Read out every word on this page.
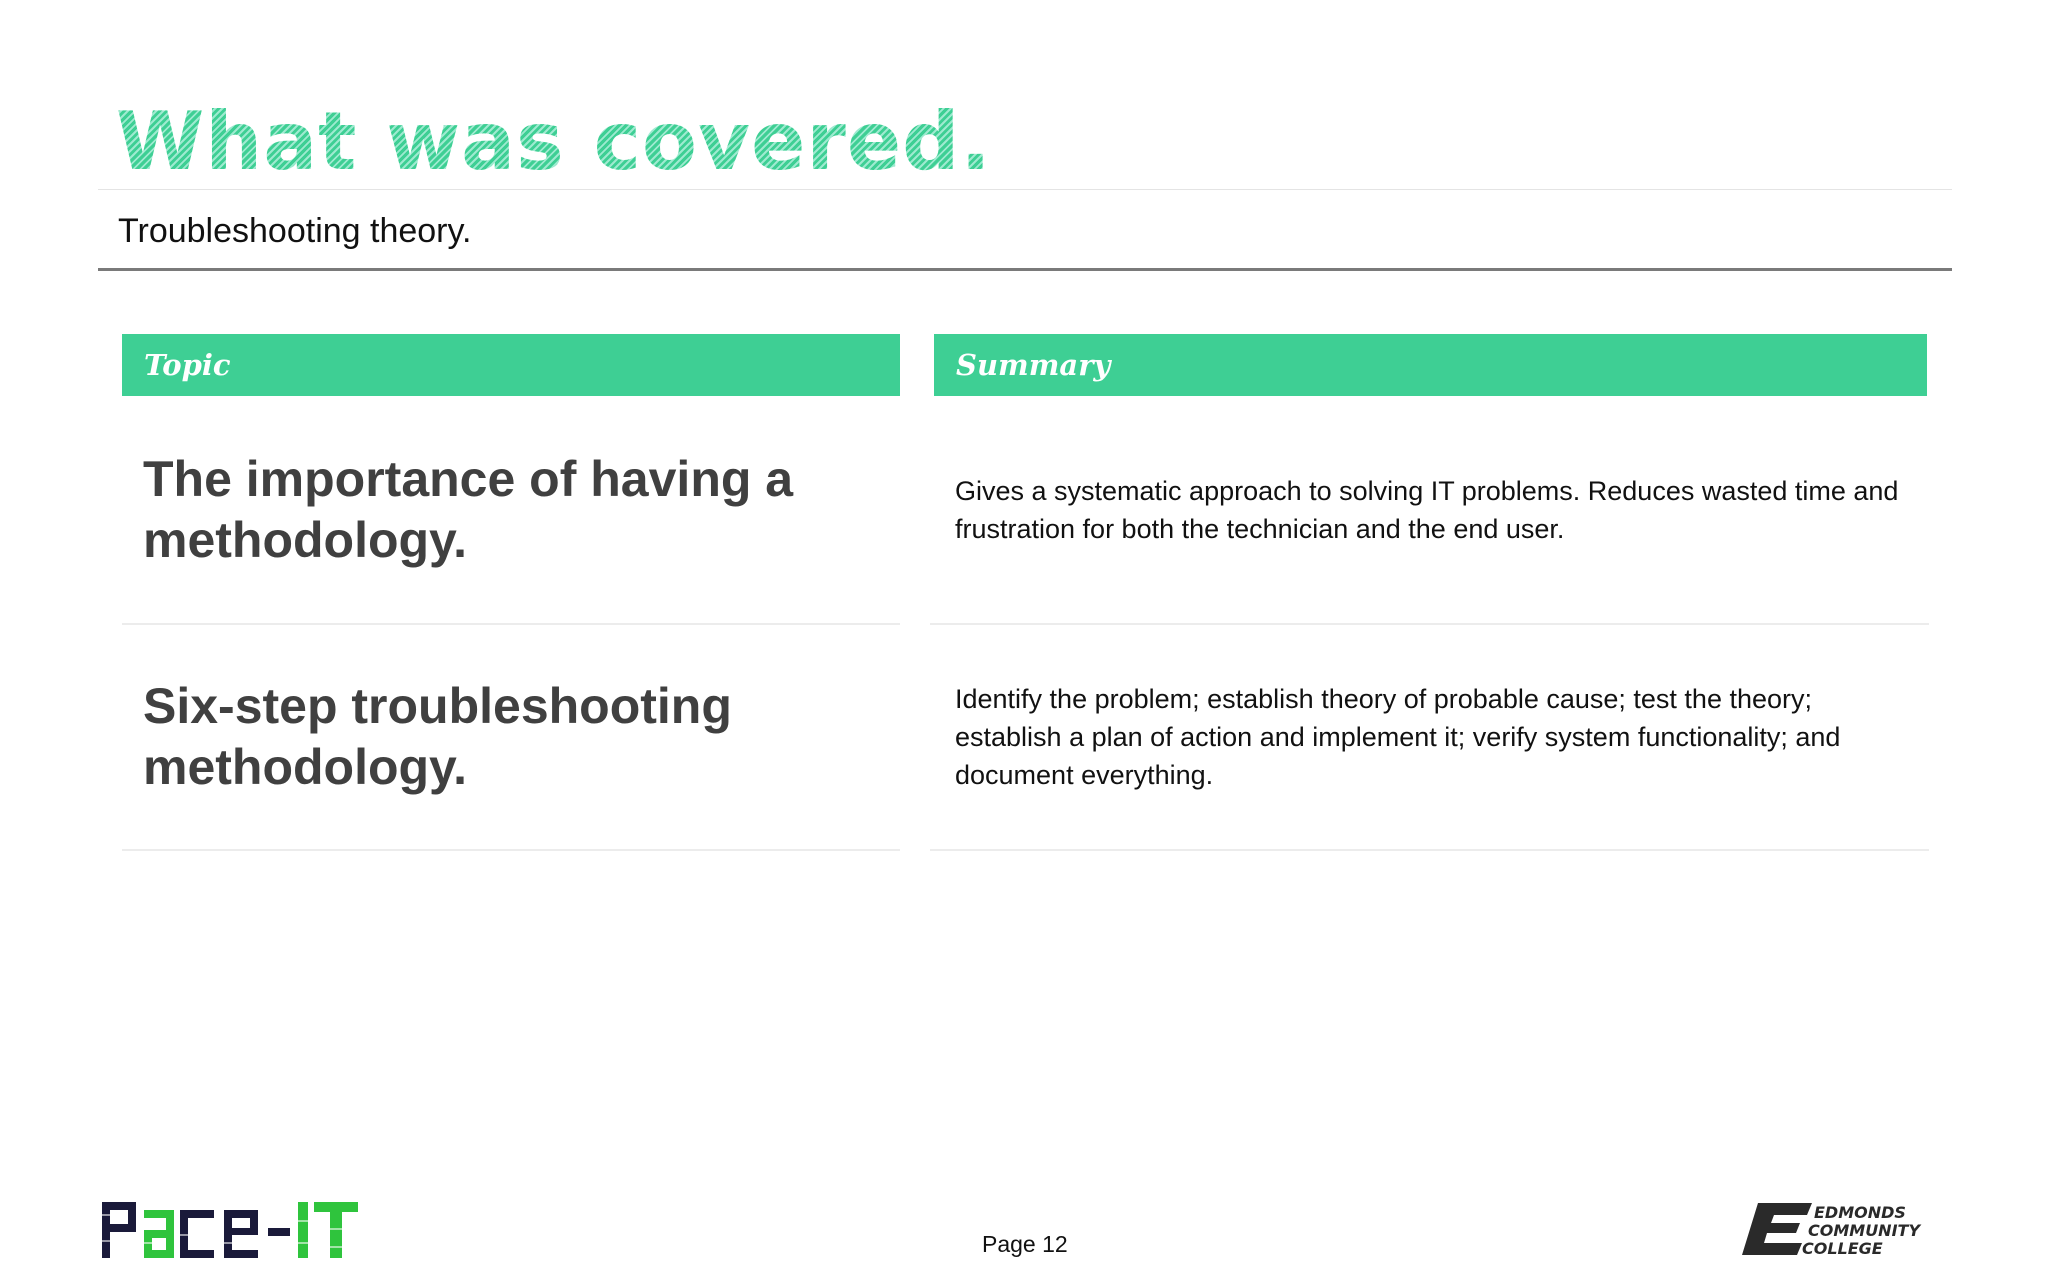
What was covered.
Troubleshooting theory.
Topic	Summary
The importance of having a methodology.
Gives a systematic approach to solving IT problems. Reduces wasted time and frustration for both the technician and the end user.
Six-step troubleshooting methodology.
Identify the problem; establish theory of probable cause; test the theory; establish a plan of action and implement it; verify system functionality; and document everything.
Page 12
EDMONDS
COMMUNITY
COLLEGE
